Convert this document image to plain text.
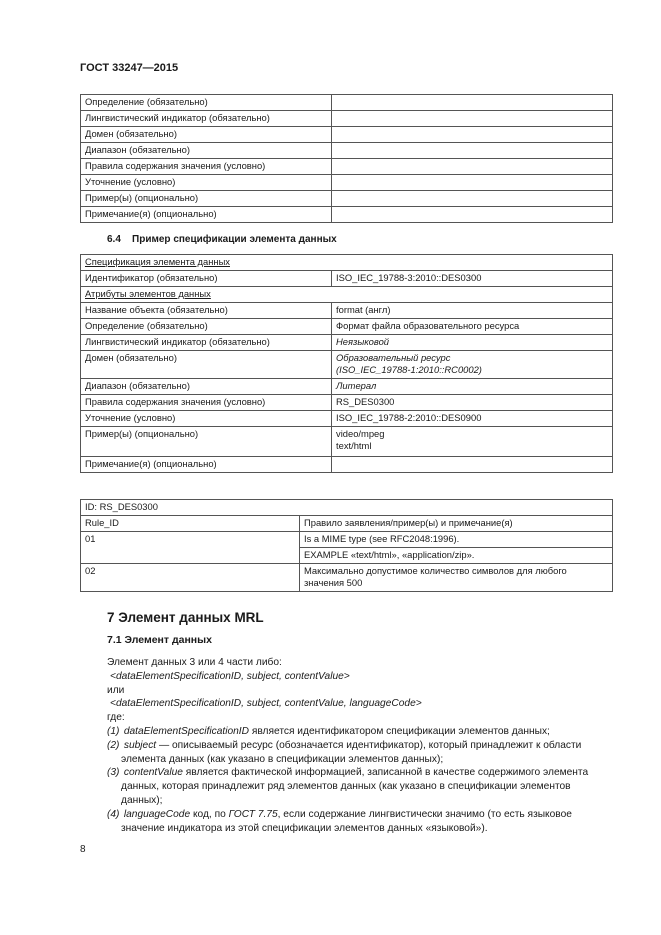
ГОСТ 33247—2015
Определение (обязательно)	
Лингвистический индикатор (обязательно)	
Домен (обязательно)	
Диапазон (обязательно)	
Правила содержания значения (условно)	
Уточнение (условно)	
Пример(ы) (опционально)	
Примечание(я) (опционально)	
6.4 Пример спецификации элемента данных
Спецификация элемента данных	
Идентификатор (обязательно)	ISO_IEC_19788-3:2010::DES0300
Атрибуты элементов данных	
Название объекта (обязательно)	format (англ)
Определение (обязательно)	Формат файла образовательного ресурса
Лингвистический индикатор (обязательно)	Неязыковой
Домен (обязательно)	Образовательный ресурс
(ISO_IEC_19788-1:2010::RC0002)

Диапазон (обязательно)	Литерал
Правила содержания значения (условно)	RS_DES0300
Уточнение (условно)	ISO_IEC_19788-2:2010::DES0900
Пример(ы) (опционально)	video/mpeg
text/html

Примечание(я) (опционально)	
ID: RS_DES0300	
Rule_ID	Правило заявления/пример(ы) и примечание(я)
01	Is a MIME type (see RFC2048:1996).
	EXAMPLE «text/html», «application/zip».
02	Максимально допустимое количество символов для любого значения 500
7 Элемент данных MRL
7.1 Элемент данных

Элемент данных 3 или 4 части либо:

<dataElementSpecificationID, subject, contentValue>

или

<dataElementSpecificationID, subject, contentValue, languageCode>

где:

(1) dataElementSpecificationID является идентификатором спецификации элементов данных;
(2) subject — описываемый ресурс (обозначается идентификатор), который принадлежит к области элемента данных (как указано в спецификации элементов данных);
(3) contentValue является фактической информацией, записанной в качестве содержимого элемента данных, которая принадлежит ряд элементов данных (как указано в спецификации элементов данных);
(4) languageCode код, по ГОСТ 7.75, если содержание лингвистически значимо (то есть языковое значение индикатора из этой спецификации элементов данных «языковой»).
8
